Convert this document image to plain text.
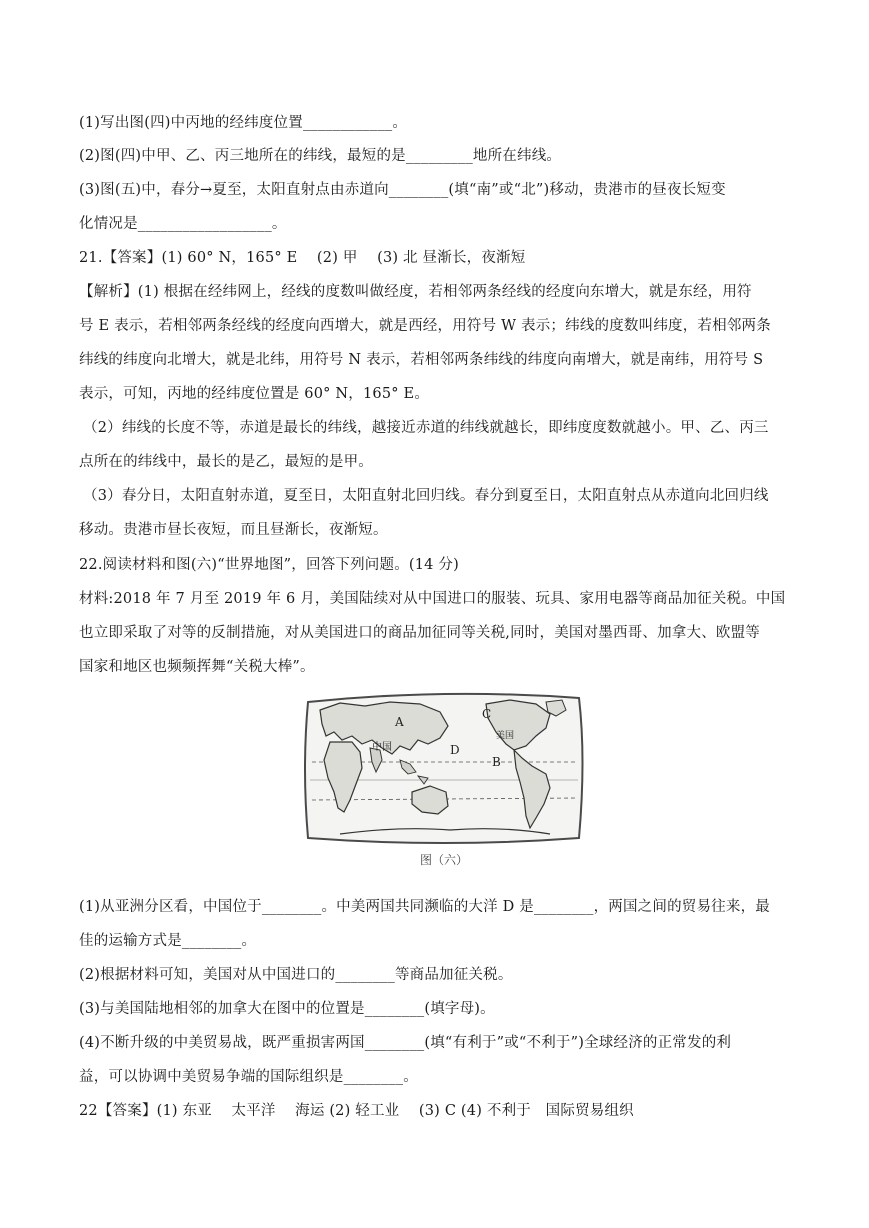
(1)写出图(四)中丙地的经纬度位置____________。
(2)图(四)中甲、乙、丙三地所在的纬线，最短的是_________地所在纬线。
(3)图(五)中，春分→夏至，太阳直射点由赤道向________(填“南”或“北”)移动，贵港市的昼夜长短变
化情况是__________________。
21.【答案】(1) 60° N，165° E　 (2) 甲　 (3) 北 昼渐长，夜渐短
【解析】(1) 根据在经纬网上，经线的度数叫做经度，若相邻两条经线的经度向东增大，就是东经，用符
号 E 表示，若相邻两条经线的经度向西增大，就是西经，用符号 W 表示；纬线的度数叫纬度，若相邻两条
纬线的纬度向北增大，就是北纬，用符号 N 表示，若相邻两条纬线的纬度向南增大，就是南纬，用符号 S
表示，可知，丙地的经纬度位置是 60° N，165° E。
（2）纬线的长度不等，赤道是最长的纬线，越接近赤道的纬线就越长，即纬度度数就越小。甲、乙、丙三
点所在的纬线中，最长的是乙，最短的是甲。
（3）春分日，太阳直射赤道，夏至日，太阳直射北回归线。春分到夏至日，太阳直射点从赤道向北回归线
移动。贵港市昼长夜短，而且昼渐长，夜渐短。
22.阅读材料和图(六)“世界地图”，回答下列问题。(14 分)
材料:2018 年 7 月至 2019 年 6 月，美国陆续对从中国进口的服装、玩具、家用电器等商品加征关税。中国
也立即采取了对等的反制措施，对从美国进口的商品加征同等关税,同时，美国对墨西哥、加拿大、欧盟等
国家和地区也频频挥舞“关税大棒”。
A
中国	D
C
美国
B
图（六）
(1)从亚洲分区看，中国位于________。中美两国共同濒临的大洋 D 是________，两国之间的贸易往来，最
佳的运输方式是________。
(2)根据材料可知，美国对从中国进口的________等商品加征关税。
(3)与美国陆地相邻的加拿大在图中的位置是________(填字母)。
(4)不断升级的中美贸易战，既严重损害两国________(填“有利于”或“不利于”)全球经济的正常发的利
益，可以协调中美贸易争端的国际组织是________。
22【答案】(1) 东亚　 太平洋　 海运 (2) 轻工业　 (3) C (4) 不利于　国际贸易组织
